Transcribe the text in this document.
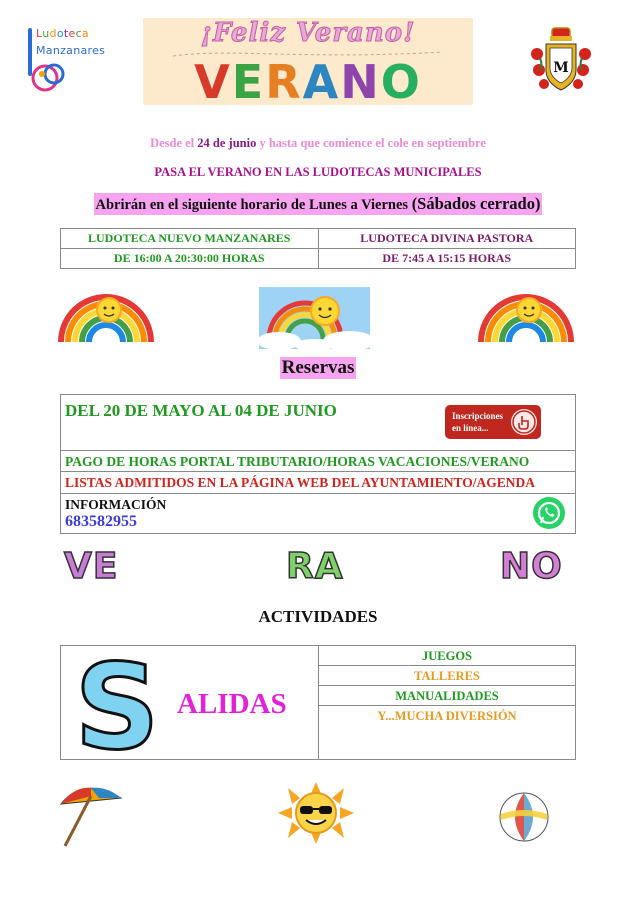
Ludoteca
Manzanares
¡Feliz Verano!
VERANO	M
Desde el 24 de junio y hasta que comience el cole en septiembre
PASA EL VERANO EN LAS LUDOTECAS MUNICIPALES
Abrirán en el siguiente horario de Lunes a Viernes (Sábados cerrado)
LUDOTECA NUEVO MANZANARES	LUDOTECA DIVINA PASTORA
DE 16:00 A 20:30:00 HORAS	DE 7:45 A 15:15 HORAS
Reservas
DEL 20 DE MAYO AL 04 DE JUNIO	Inscripciones
en línea...
PAGO DE HORAS PORTAL TRIBUTARIO/HORAS VACACIONES/VERANO
LISTAS ADMITIDOS EN LA PÁGINA WEB DEL AYUNTAMIENTO/AGENDA
INFORMACIÓN
683582955
VE	RA	NO
ACTIVIDADES
S ALIDAS
JUEGOS
TALLERES
MANUALIDADES
Y...MUCHA DIVERSIÓN
